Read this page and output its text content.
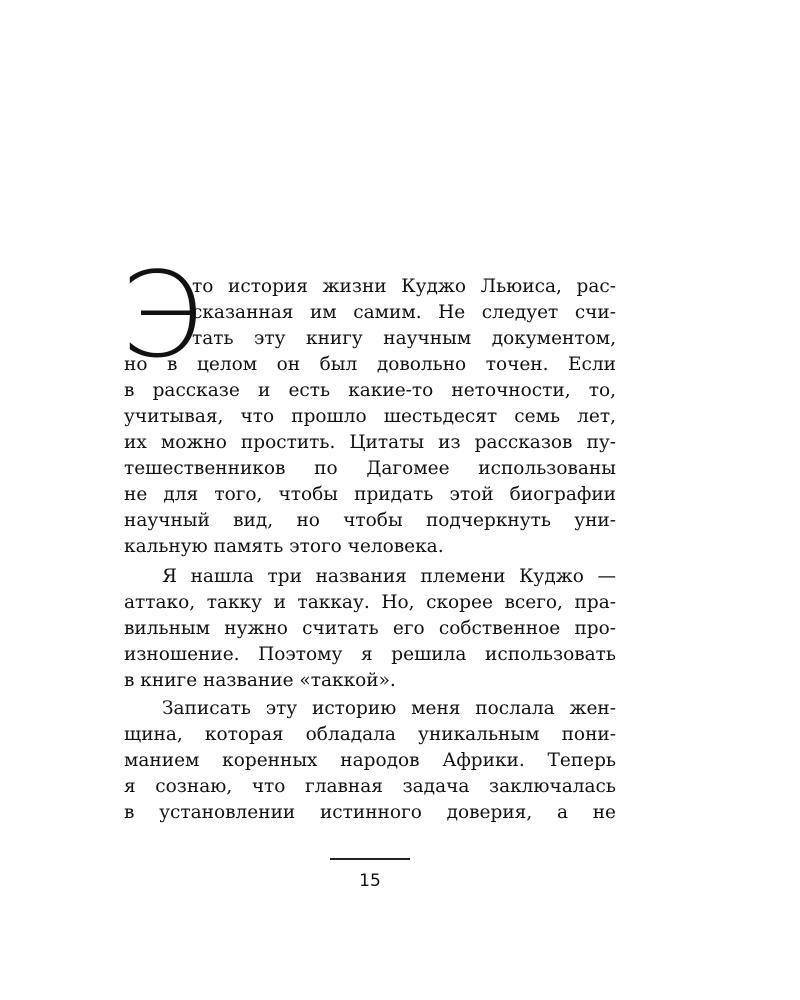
Э
то история жизни Куджо Льюиса, рас-
сказанная им самим. Не следует счи-
тать эту книгу научным документом,
но в целом он был довольно точен. Если
в рассказе и есть какие-то неточности, то,
учитывая, что прошло шестьдесят семь лет,
их можно простить. Цитаты из рассказов пу-
тешественников по Дагомее использованы
не для того, чтобы придать этой биографии
научный вид, но чтобы подчеркнуть уни-
кальную память этого человека.
Я нашла три названия племени Куджо —
аттако, такку и таккау. Но, скорее всего, пра-
вильным нужно считать его собственное про-
изношение. Поэтому я решила использовать
в книге название «таккой».
Записать эту историю меня послала жен-
щина, которая обладала уникальным пони-
манием коренных народов Африки. Теперь
я сознаю, что главная задача заключалась
в установлении истинного доверия, а не
15
